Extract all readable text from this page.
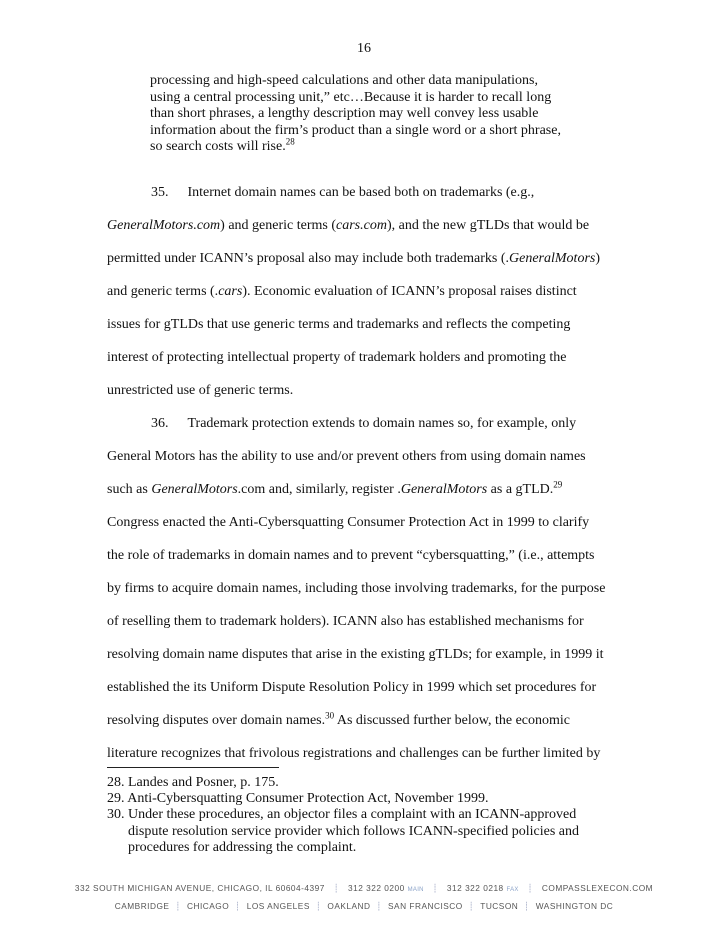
16
processing and high-speed calculations and other data manipulations,
using a central processing unit,” etc…Because it is harder to recall long
than short phrases, a lengthy description may well convey less usable
information about the firm’s product than a single word or a short phrase,
so search costs will rise.$^{28}$
35. Internet domain names can be based both on trademarks (e.g.,
GeneralMotors.com) and generic terms (cars.com), and the new gTLDs that would be
permitted under ICANN’s proposal also may include both trademarks (.GeneralMotors)
and generic terms (.cars). Economic evaluation of ICANN’s proposal raises distinct
issues for gTLDs that use generic terms and trademarks and reflects the competing
interest of protecting intellectual property of trademark holders and promoting the
unrestricted use of generic terms.
36. Trademark protection extends to domain names so, for example, only
General Motors has the ability to use and/or prevent others from using domain names
such as GeneralMotors.com and, similarly, register .GeneralMotors as a gTLD.$^{29}$
Congress enacted the Anti-Cybersquatting Consumer Protection Act in 1999 to clarify
the role of trademarks in domain names and to prevent “cybersquatting,” (i.e., attempts
by firms to acquire domain names, including those involving trademarks, for the purpose
of reselling them to trademark holders). ICANN also has established mechanisms for
resolving domain name disputes that arise in the existing gTLDs; for example, in 1999 it
established the its Uniform Dispute Resolution Policy in 1999 which set procedures for
resolving disputes over domain names.$^{30}$ As discussed further below, the economic
literature recognizes that frivolous registrations and challenges can be further limited by
28. Landes and Posner, p. 175.
29. Anti-Cybersquatting Consumer Protection Act, November 1999.
30. Under these procedures, an objector files a complaint with an ICANN-approved
dispute resolution service provider which follows ICANN-specified policies and
procedures for addressing the complaint.
332 SOUTH MICHIGAN AVENUE, CHICAGO, IL 60604-4397 ┊ 312 322 0200 MAIN ┊ 312 322 0218 FAX ┊ COMPASSLEXECON.COM
CAMBRIDGE ┊ CHICAGO ┊ LOS ANGELES ┊ OAKLAND ┊ SAN FRANCISCO ┊ TUCSON ┊ WASHINGTON DC
